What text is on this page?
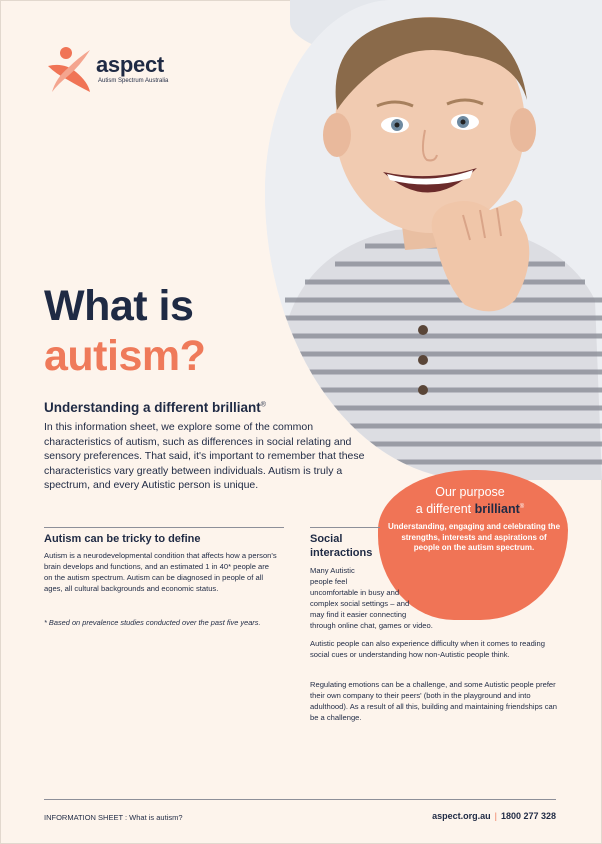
aspect
Autism Spectrum Australia
What is
autism?
Understanding a different brilliant®
In this information sheet, we explore some of the common characteristics of autism, such as differences in social relating and sensory preferences. That said, it's important to remember that these characteristics vary greatly between individuals. Autism is truly a spectrum, and every Autistic person is unique.	Our purpose
a different brilliant®
Understanding, engaging and celebrating the strengths, interests and aspirations of people on the autism spectrum.
Autism can be tricky to define
Autism is a neurodevelopmental condition that affects how a person's brain develops and functions, and an estimated 1 in 40* people are on the autism spectrum. Autism can be diagnosed in people of all ages, all cultural backgrounds and economic status.
* Based on prevalence studies conducted over the past five years.
Social
interactions
Many Autistic
people feel
uncomfortable in busy and
complex social settings – and
may find it easier connecting
through online chat, games or video.
Autistic people can also experience difficulty when it comes to reading social cues or understanding how non-Autistic people think.
Regulating emotions can be a challenge, and some Autistic people prefer their own company to their peers' (both in the playground and into adulthood). As a result of all this, building and maintaining friendships can be a challenge.
INFORMATION SHEET : What is autism?	aspect.org.au | 1800 277 328
